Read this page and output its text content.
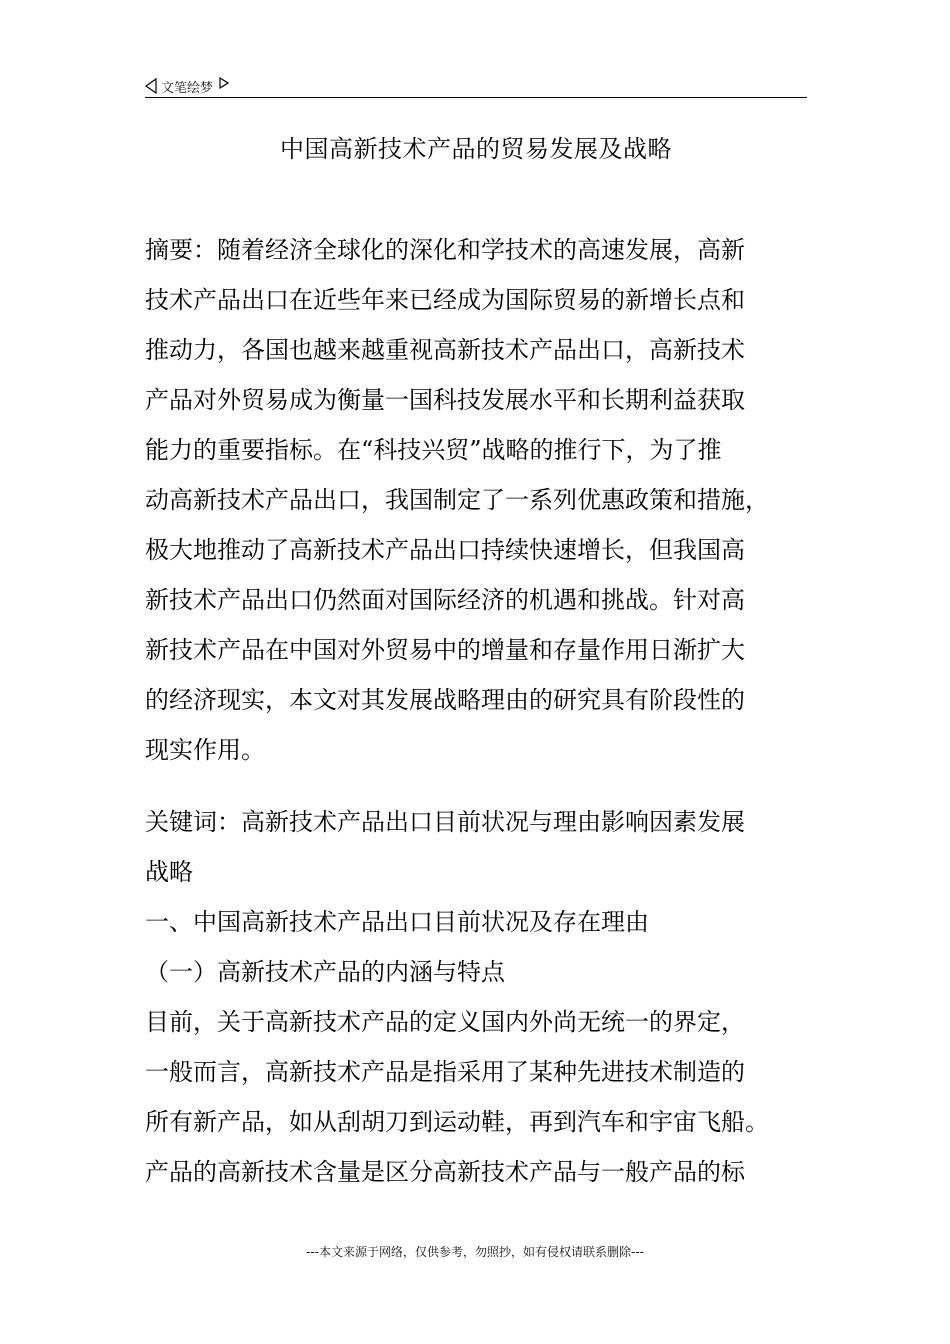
文笔绘梦
中国高新技术产品的贸易发展及战略
摘要：随着经济全球化的深化和学技术的高速发展，高新
技术产品出口在近些年来已经成为国际贸易的新增长点和
推动力，各国也越来越重视高新技术产品出口，高新技术
产品对外贸易成为衡量一国科技发展水平和长期利益获取
能力的重要指标。在“科技兴贸”战略的推行下，为了推
动高新技术产品出口，我国制定了一系列优惠政策和措施，
极大地推动了高新技术产品出口持续快速增长，但我国高
新技术产品出口仍然面对国际经济的机遇和挑战。针对高
新技术产品在中国对外贸易中的增量和存量作用日渐扩大
的经济现实，本文对其发展战略理由的研究具有阶段性的
现实作用。
关键词：高新技术产品出口目前状况与理由影响因素发展
战略
一、中国高新技术产品出口目前状况及存在理由
（一）高新技术产品的内涵与特点
目前，关于高新技术产品的定义国内外尚无统一的界定，
一般而言，高新技术产品是指采用了某种先进技术制造的
所有新产品，如从刮胡刀到运动鞋，再到汽车和宇宙飞船。
产品的高新技术含量是区分高新技术产品与一般产品的标
---本文来源于网络，仅供参考，勿照抄，如有侵权请联系删除---
